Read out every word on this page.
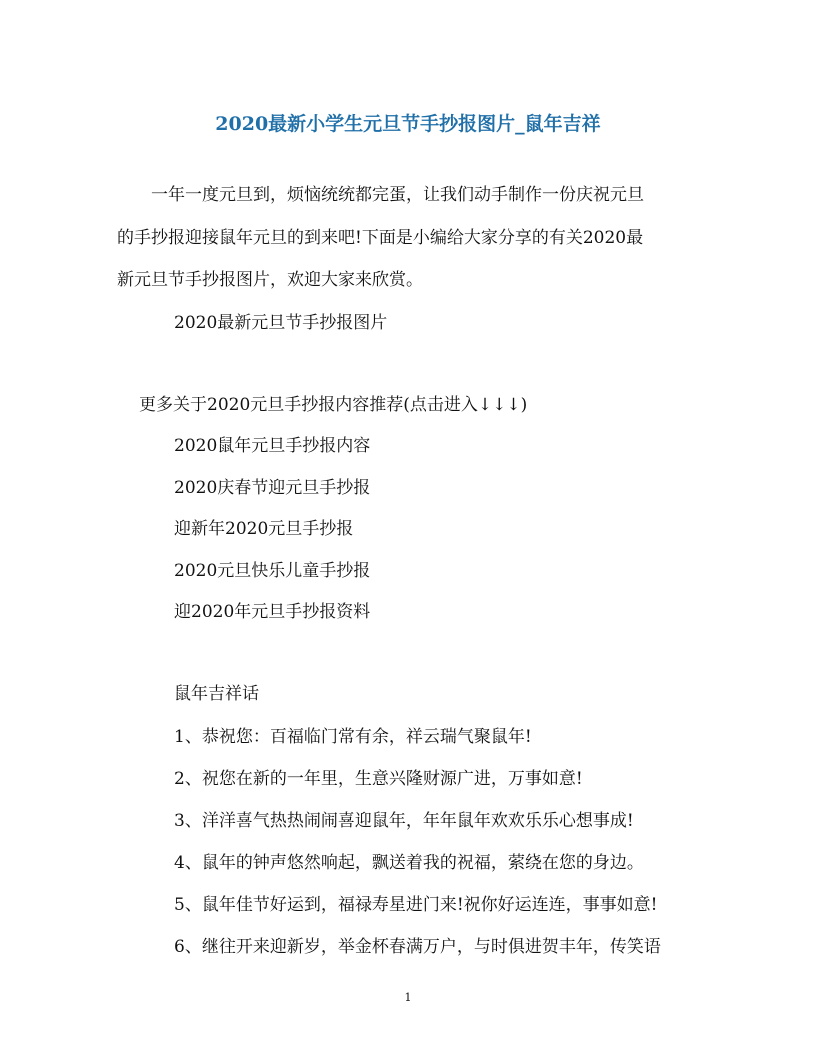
2020最新小学生元旦节手抄报图片_鼠年吉祥
　　一年一度元旦到，烦恼统统都完蛋，让我们动手制作一份庆祝元旦
的手抄报迎接鼠年元旦的到来吧!下面是小编给大家分享的有关2020最
新元旦节手抄报图片，欢迎大家来欣赏。
2020最新元旦节手抄报图片
更多关于2020元旦手抄报内容推荐(点击进入↓↓↓)
2020鼠年元旦手抄报内容
2020庆春节迎元旦手抄报
迎新年2020元旦手抄报
2020元旦快乐儿童手抄报
迎2020年元旦手抄报资料
鼠年吉祥话
1、恭祝您：百福临门常有余，祥云瑞气聚鼠年!
2、祝您在新的一年里，生意兴隆财源广进，万事如意!
3、洋洋喜气热热闹闹喜迎鼠年，年年鼠年欢欢乐乐心想事成!
4、鼠年的钟声悠然响起，飘送着我的祝福，萦绕在您的身边。
5、鼠年佳节好运到，福禄寿星进门来!祝你好运连连，事事如意!
6、继往开来迎新岁，举金杯春满万户，与时俱进贺丰年，传笑语
1
